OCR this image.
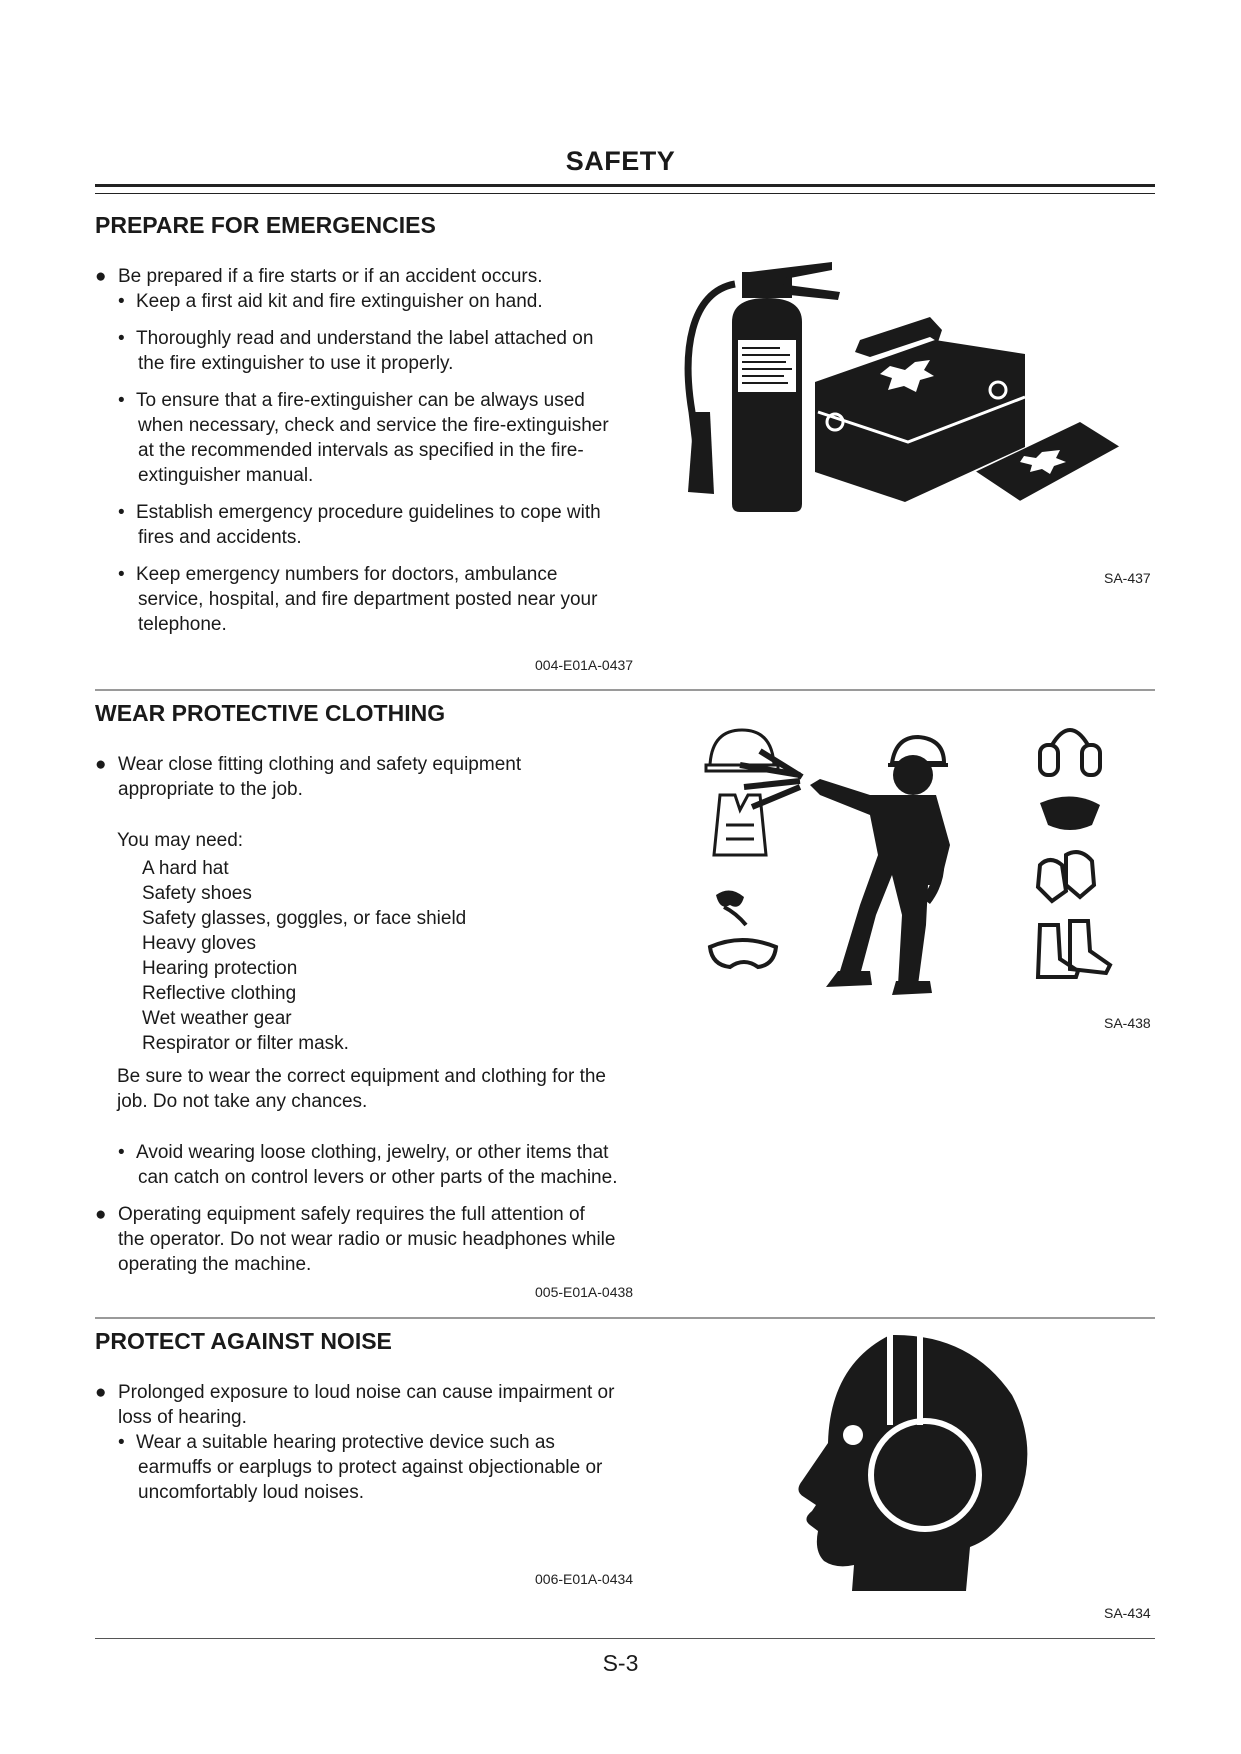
SAFETY
PREPARE FOR EMERGENCIES
● Be prepared if a fire starts or if an accident occurs.
• Keep a first aid kit and fire extinguisher on hand.
• Thoroughly read and understand the label attached on
the fire extinguisher to use it properly.
• To ensure that a fire-extinguisher can be always used
when necessary, check and service the fire-extinguisher
at the recommended intervals as specified in the fire-
extinguisher manual.
• Establish emergency procedure guidelines to cope with
fires and accidents.
• Keep emergency numbers for doctors, ambulance
service, hospital, and fire department posted near your
telephone.
004-E01A-0437
SA-437
WEAR PROTECTIVE CLOTHING
● Wear close fitting clothing and safety equipment
appropriate to the job.
You may need:
A hard hat
Safety shoes
Safety glasses, goggles, or face shield
Heavy gloves
Hearing protection
Reflective clothing
Wet weather gear
Respirator or filter mask.
Be sure to wear the correct equipment and clothing for the
job. Do not take any chances.
• Avoid wearing loose clothing, jewelry, or other items that
can catch on control levers or other parts of the machine.
● Operating equipment safely requires the full attention of
the operator. Do not wear radio or music headphones while
operating the machine.
005-E01A-0438
SA-438
PROTECT AGAINST NOISE
● Prolonged exposure to loud noise can cause impairment or
loss of hearing.
• Wear a suitable hearing protective device such as
earmuffs or earplugs to protect against objectionable or
uncomfortably loud noises.
006-E01A-0434
SA-434
S-3
